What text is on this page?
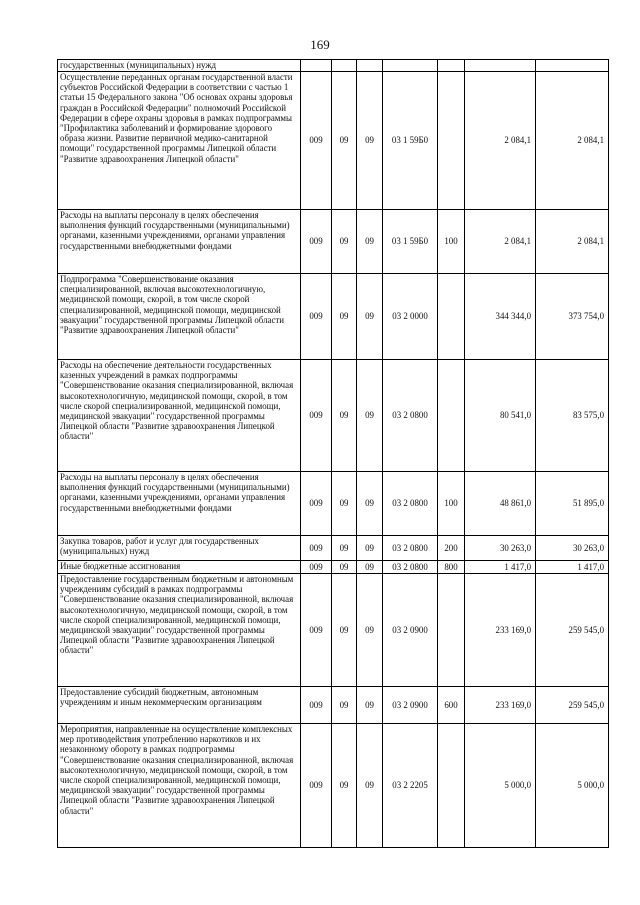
169
государственных (муниципальных) нужд							
Осуществление переданных органам государственной власти субъектов Российской Федерации в соответствии с частью 1 статьи 15 Федерального закона "Об основах охраны здоровья граждан в Российской Федерации" полномочий Российской Федерации в сфере охраны здоровья в рамках подпрограммы "Профилактика заболеваний и формирование здорового образа жизни. Развитие первичной медико-санитарной помощи" государственной программы Липецкой области "Развитие здравоохранения Липецкой области"	009	09	09	03 1 59Б0		2 084,1	2 084,1
Расходы на выплаты персоналу в целях обеспечения выполнения функций государственными (муниципальными) органами, казенными учреждениями, органами управления государственными внебюджетными фондами	009	09	09	03 1 59Б0	100	2 084,1	2 084,1
Подпрограмма "Совершенствование оказания специализированной, включая высокотехнологичную, медицинской помощи, скорой, в том числе скорой специализированной, медицинской помощи, медицинской эвакуации" государственной программы Липецкой области "Развитие здравоохранения Липецкой области"	009	09	09	03 2 0000		344 344,0	373 754,0
Расходы на обеспечение деятельности государственных казенных учреждений в рамках подпрограммы "Совершенствование оказания специализированной, включая высокотехнологичную, медицинской помощи, скорой, в том числе скорой специализированной, медицинской помощи, медицинской эвакуации" государственной программы Липецкой области "Развитие здравоохранения Липецкой области"	009	09	09	03 2 0800		80 541,0	83 575,0
Расходы на выплаты персоналу в целях обеспечения выполнения функций государственными (муниципальными) органами, казенными учреждениями, органами управления государственными внебюджетными фондами	009	09	09	03 2 0800	100	48 861,0	51 895,0
Закупка товаров, работ и услуг для государственных (муниципальных) нужд	009	09	09	03 2 0800	200	30 263,0	30 263,0
Иные бюджетные ассигнования	009	09	09	03 2 0800	800	1 417,0	1 417,0
Предоставление государственным бюджетным и автономным учреждениям субсидий в рамках подпрограммы "Совершенствование оказания специализированной, включая высокотехнологичную, медицинской помощи, скорой, в том числе скорой специализированной, медицинской помощи, медицинской эвакуации" государственной программы Липецкой области "Развитие здравоохранения Липецкой области"	009	09	09	03 2 0900		233 169,0	259 545,0
Предоставление субсидий бюджетным, автономным учреждениям и иным некоммерческим организациям	009	09	09	03 2 0900	600	233 169,0	259 545,0
Мероприятия, направленные на осуществление комплексных мер противодействия употреблению наркотиков и их незаконному обороту в рамках подпрограммы "Совершенствование оказания специализированной, включая высокотехнологичную, медицинской помощи, скорой, в том числе скорой специализированной, медицинской помощи, медицинской эвакуации" государственной программы Липецкой области "Развитие здравоохранения Липецкой области"	009	09	09	03 2 2205		5 000,0	5 000,0
